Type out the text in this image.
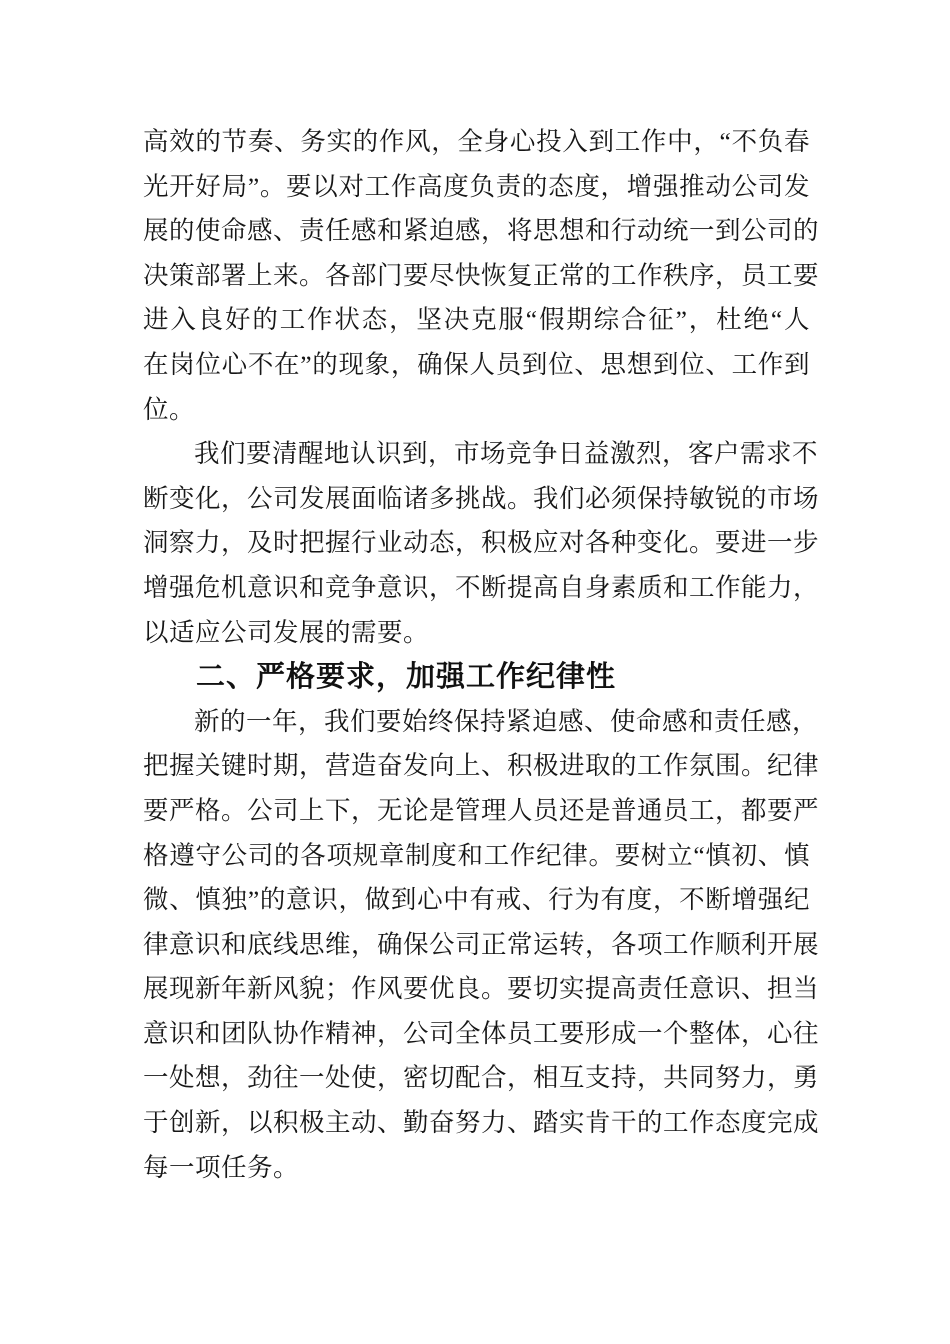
高效的节奏、务实的作风，全身心投入到工作中，“不负春
光开好局”。要以对工作高度负责的态度，增强推动公司发
展的使命感、责任感和紧迫感，将思想和行动统一到公司的
决策部署上来。各部门要尽快恢复正常的工作秩序，员工要
进入良好的工作状态，坚决克服“假期综合征”，杜绝“人
在岗位心不在”的现象，确保人员到位、思想到位、工作到
位。
我们要清醒地认识到，市场竞争日益激烈，客户需求不
断变化，公司发展面临诸多挑战。我们必须保持敏锐的市场
洞察力，及时把握行业动态，积极应对各种变化。要进一步
增强危机意识和竞争意识，不断提高自身素质和工作能力，
以适应公司发展的需要。
二、严格要求，加强工作纪律性
新的一年，我们要始终保持紧迫感、使命感和责任感，
把握关键时期，营造奋发向上、积极进取的工作氛围。纪律
要严格。公司上下，无论是管理人员还是普通员工，都要严
格遵守公司的各项规章制度和工作纪律。要树立“慎初、慎
微、慎独”的意识，做到心中有戒、行为有度，不断增强纪
律意识和底线思维，确保公司正常运转，各项工作顺利开展
展现新年新风貌；作风要优良。要切实提高责任意识、担当
意识和团队协作精神，公司全体员工要形成一个整体，心往
一处想，劲往一处使，密切配合，相互支持，共同努力，勇
于创新，以积极主动、勤奋努力、踏实肯干的工作态度完成
每一项任务。
